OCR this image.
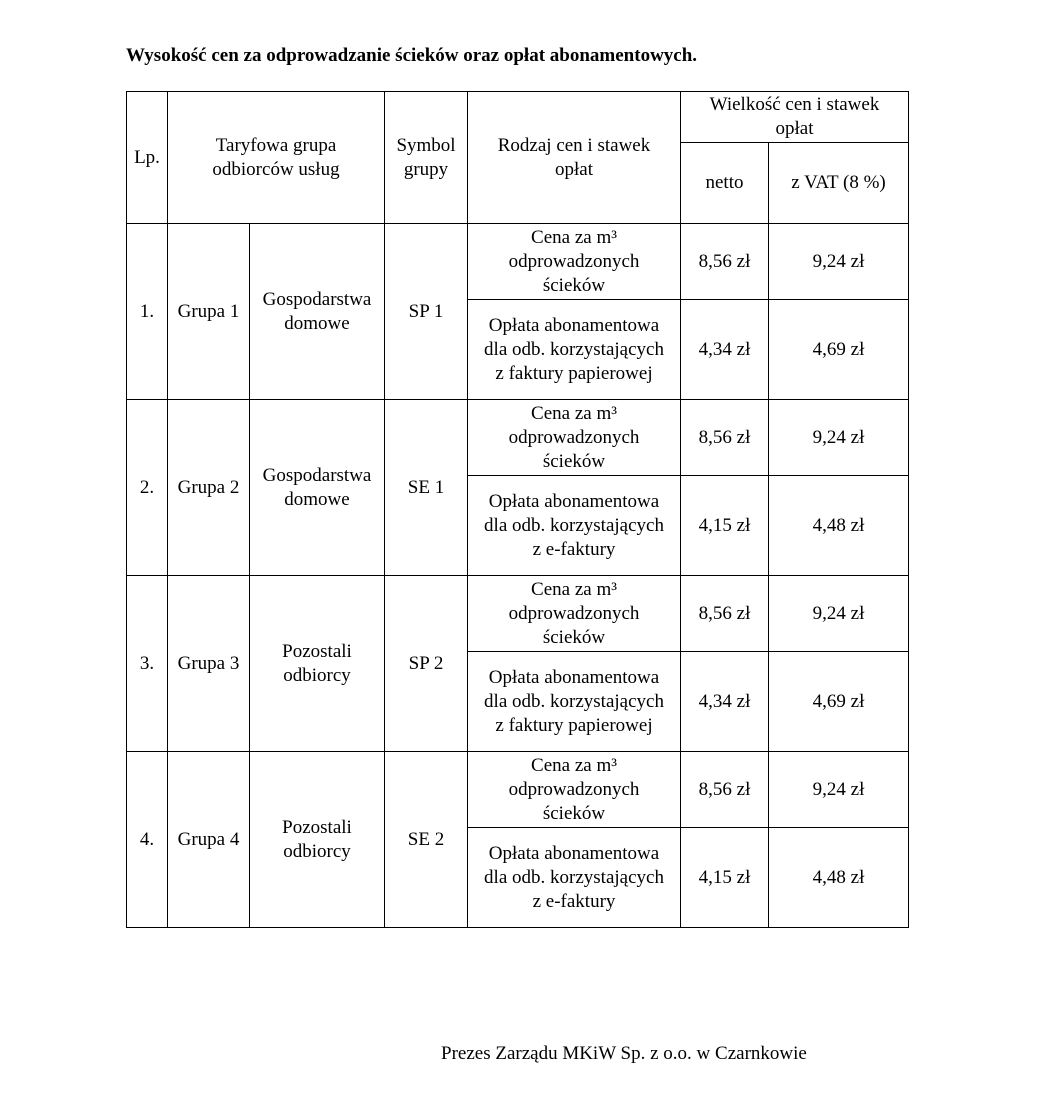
Wysokość cen za odprowadzanie ścieków oraz opłat abonamentowych.
Lp.	Taryfowa grupa odbiorców usług		Symbol grupy	Rodzaj cen i stawek opłat	Wielkość cen i stawek opłat	
					netto	z VAT (8 %)
1.	Grupa 1	Gospodarstwa domowe	SP 1	Cena za m³ odprowadzonych ścieków	8,56 zł	9,24 zł
				Opłata abonamentowa dla odb. korzystających z faktury papierowej	4,34 zł	4,69 zł
2.	Grupa 2	Gospodarstwa domowe	SE 1	Cena za m³ odprowadzonych ścieków	8,56 zł	9,24 zł
				Opłata abonamentowa dla odb. korzystających z e-faktury	4,15 zł	4,48 zł
3.	Grupa 3	Pozostali odbiorcy	SP 2	Cena za m³ odprowadzonych ścieków	8,56 zł	9,24 zł
				Opłata abonamentowa dla odb. korzystających z faktury papierowej	4,34 zł	4,69 zł
4.	Grupa 4	Pozostali odbiorcy	SE 2	Cena za m³ odprowadzonych ścieków	8,56 zł	9,24 zł
				Opłata abonamentowa dla odb. korzystających z e-faktury	4,15 zł	4,48 zł
Prezes Zarządu MKiW Sp. z o.o. w Czarnkowie
